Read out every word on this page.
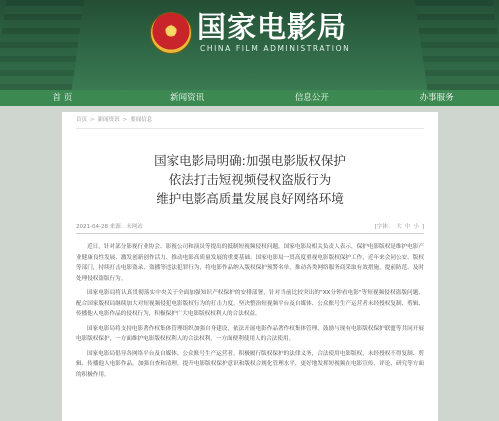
★ 国家电影局
CHINA FILM ADMINISTRATION
首 页	新闻资讯	信息公开	办事服务
首页 > 新闻资讯 > 要闻信息
国家电影局明确:加强电影版权保护
依法打击短视频侵权盗版行为
维护电影高质量发展良好网络环境
2021-04-28 来源：未网站	[字体： 大 中 小 ]

近日，针对部分影视行业协会、影视公司和演员等提出的抵制短视频侵权问题，国家电影局相关负责人表示，保护电影版权是维护电影产业健康良性发展、激发创新创作活力、推动电影高质量发展的重要基础。国家电影局一贯高度重视电影版权保护工作，近年来会同公安、版权等部门，持续打击电影盗录、盗播等违法犯罪行为，将电影作品纳入版权保护预警名单，推动各类网络服务商采取有效措施，提前防范、及时处理侵权盗版行为。

国家电影局将认真贯彻落实中央关于全面加强知识产权保护的安排部署，针对当前比较突出的"XX分钟看电影"等短视频侵权盗版问题，配合国家版权局继续加大对短视频侵犯电影版权行为的打击力度，坚决整治短视频平台及自媒体、公众账号生产运营者未经授权复制、剪辑、传播他人电影作品的侵权行为，积极保护广大电影版权权利人的合法权益。

国家电影局将支持电影著作权集体管理组织加强自身建设，依法开展电影作品著作权集体管理，鼓励与现有电影版权保护联盟等共同开展电影版权保护，一方面维护电影版权权利人的合法权利，一方面便利使用人的合法使用。

国家电影局倡导各网络平台及自媒体、公众账号生产运营者，积极履行版权保护的法律义务，合法使用电影版权，未经授权不得复制、剪辑、传播他人电影作品，加强自查和清理，提升电影版权保护意识和版权合规化管理水平，更好地发挥短视频在电影宣传、评论、研究等方面的积极作用。
